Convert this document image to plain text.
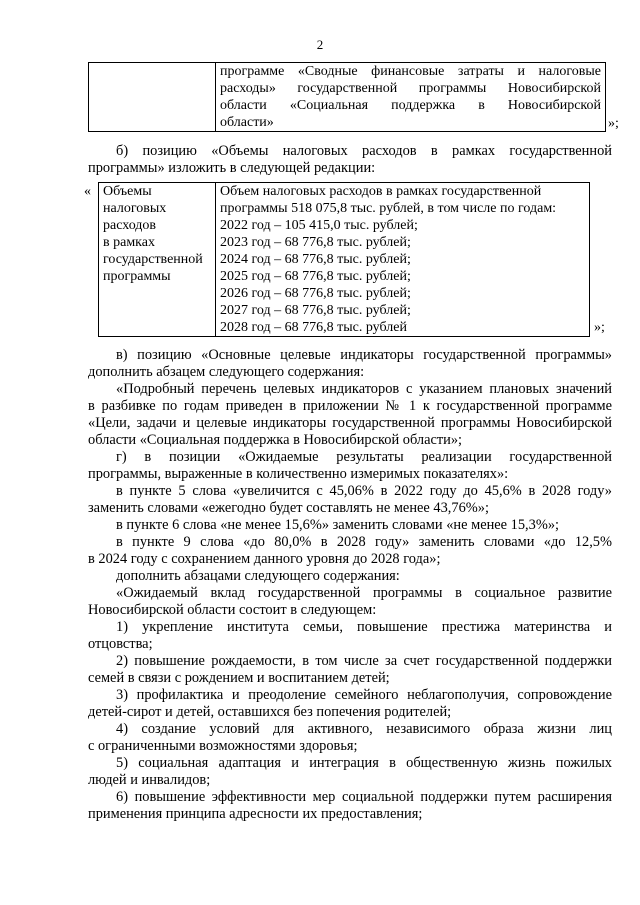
2

программе «Сводные финансовые затраты и налоговые
расходы» государственной программы Новосибирской
области «Социальная поддержка в Новосибирской
области»	»;
б) позицию «Объемы налоговых расходов в рамках государственной
программы» изложить в следующей редакции:
« Объемы
налоговых
расходов
в рамках
государственной
программы

Объем налоговых расходов в рамках государственной
программы 518 075,8 тыс. рублей, в том числе по годам:
2022 год – 105 415,0 тыс. рублей;
2023 год – 68 776,8 тыс. рублей;
2024 год – 68 776,8 тыс. рублей;
2025 год – 68 776,8 тыс. рублей;
2026 год – 68 776,8 тыс. рублей;
2027 год – 68 776,8 тыс. рублей;
2028 год – 68 776,8 тыс. рублей	»;
в) позицию «Основные целевые индикаторы государственной программы»
дополнить абзацем следующего содержания:
«Подробный перечень целевых индикаторов с указанием плановых значений
в разбивке по годам приведен в приложении № 1 к государственной программе
«Цели, задачи и целевые индикаторы государственной программы Новосибирской
области «Социальная поддержка в Новосибирской области»;
г) в позиции «Ожидаемые результаты реализации государственной
программы, выраженные в количественно измеримых показателях»:
в пункте 5 слова «увеличится с 45,06% в 2022 году до 45,6% в 2028 году»
заменить словами «ежегодно будет составлять не менее 43,76%»;
в пункте 6 слова «не менее 15,6%» заменить словами «не менее 15,3%»;
в пункте 9 слова «до 80,0% в 2028 году» заменить словами «до 12,5%
в 2024 году с сохранением данного уровня до 2028 года»;
дополнить абзацами следующего содержания:
«Ожидаемый вклад государственной программы в социальное развитие
Новосибирской области состоит в следующем:
1) укрепление института семьи, повышение престижа материнства и
отцовства;
2) повышение рождаемости, в том числе за счет государственной поддержки
семей в связи с рождением и воспитанием детей;
3) профилактика и преодоление семейного неблагополучия, сопровождение
детей-сирот и детей, оставшихся без попечения родителей;
4) создание условий для активного, независимого образа жизни лиц
с ограниченными возможностями здоровья;
5) социальная адаптация и интеграция в общественную жизнь пожилых
людей и инвалидов;
6) повышение эффективности мер социальной поддержки путем расширения
применения принципа адресности их предоставления;
